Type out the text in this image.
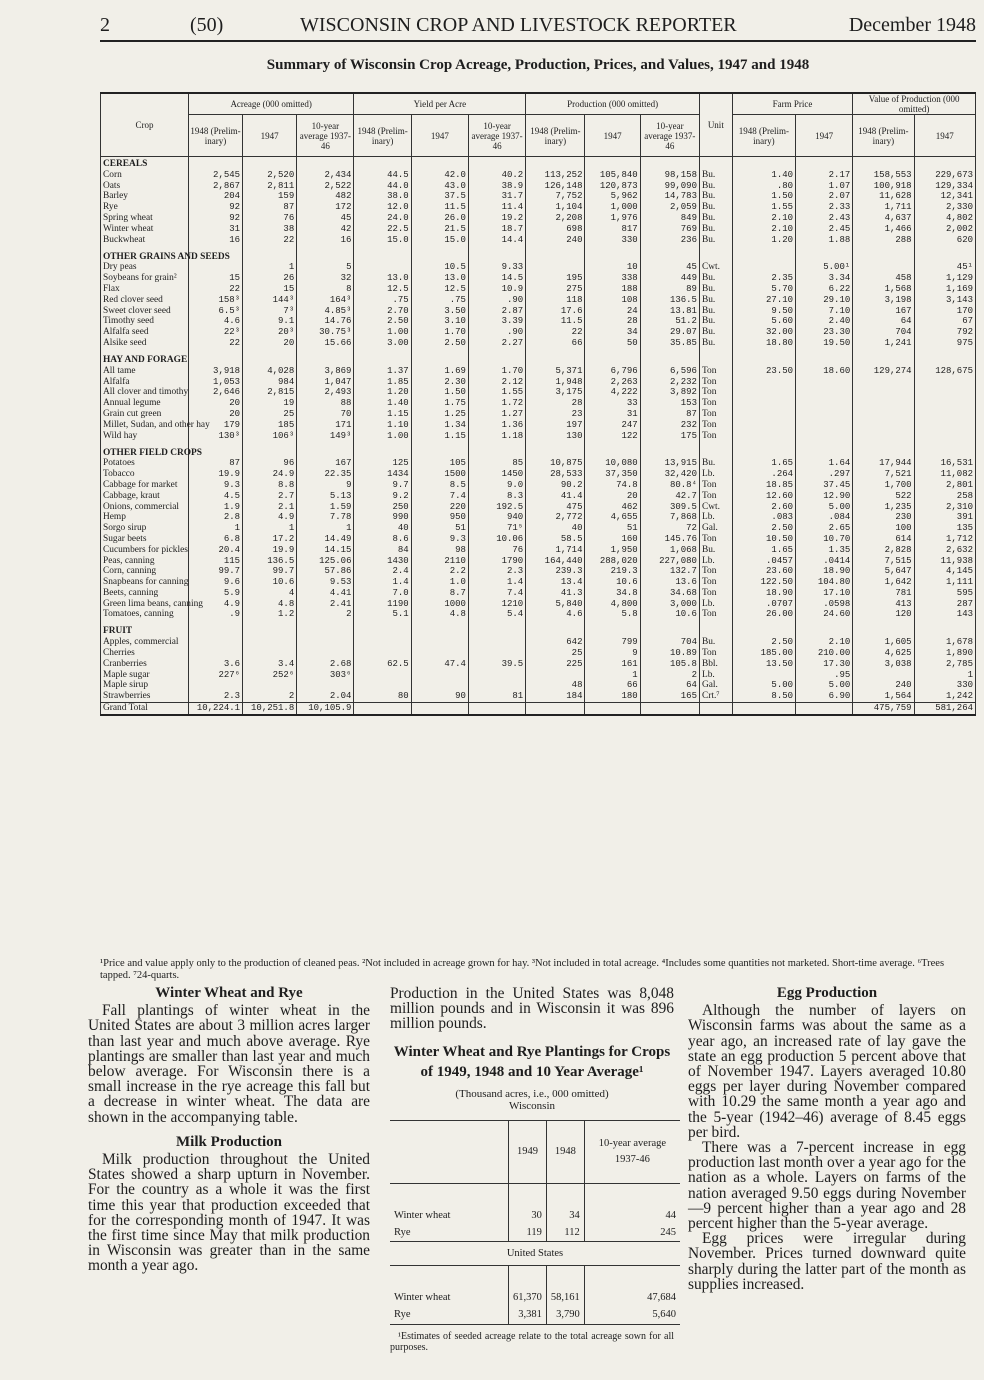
2	(50)	WISCONSIN CROP AND LIVESTOCK REPORTER	December 1948
Summary of Wisconsin Crop Acreage, Production, Prices, and Values, 1947 and 1948
Crop	Acreage (000 omitted)			Yield per Acre			Production (000 omitted)			Unit	Farm Price		Value of Production (000 omitted)	
	1948 (Prelim-inary)	1947	10-year average 1937-46	1948 (Prelim-inary)	1947	10-year average 1937-46	1948 (Prelim-inary)	1947	10-year average 1937-46		1948 (Prelim-inary)	1947	1948 (Prelim-inary)	1947
CEREALS														
Corn	2,545	2,520	2,434	44.5	42.0	40.2	113,252	105,840	98,158	Bu.	1.40	2.17	158,553	229,673
Oats	2,867	2,811	2,522	44.0	43.0	38.9	126,148	120,873	99,090	Bu.	.80	1.07	100,918	129,334
Barley	204	159	482	38.0	37.5	31.7	7,752	5,962	14,783	Bu.	1.50	2.07	11,628	12,341
Rye	92	87	172	12.0	11.5	11.4	1,104	1,000	2,059	Bu.	1.55	2.33	1,711	2,330
Spring wheat	92	76	45	24.0	26.0	19.2	2,208	1,976	849	Bu.	2.10	2.43	4,637	4,802
Winter wheat	31	38	42	22.5	21.5	18.7	698	817	769	Bu.	2.10	2.45	1,466	2,002
Buckwheat	16	22	16	15.0	15.0	14.4	240	330	236	Bu.	1.20	1.88	288	620
OTHER GRAINS AND SEEDS														
Dry peas		1	5		10.5	9.33		10	45	Cwt.		5.00¹		45¹
Soybeans for grain²	15	26	32	13.0	13.0	14.5	195	338	449	Bu.	2.35	3.34	458	1,129
Flax	22	15	8	12.5	12.5	10.9	275	188	89	Bu.	5.70	6.22	1,568	1,169
Red clover seed	158³	144³	164³	.75	.75	.90	118	108	136.5	Bu.	27.10	29.10	3,198	3,143
Sweet clover seed	6.5³	7³	4.85³	2.70	3.50	2.87	17.6	24	13.81	Bu.	9.50	7.10	167	170
Timothy seed	4.6	9.1	14.76	2.50	3.10	3.39	11.5	28	51.2	Bu.	5.60	2.40	64	67
Alfalfa seed	22³	20³	30.75³	1.00	1.70	.90	22	34	29.07	Bu.	32.00	23.30	704	792
Alsike seed	22	20	15.66	3.00	2.50	2.27	66	50	35.85	Bu.	18.80	19.50	1,241	975
HAY AND FORAGE														
All tame	3,918	4,028	3,869	1.37	1.69	1.70	5,371	6,796	6,596	Ton	23.50	18.60	129,274	128,675
Alfalfa	1,053	984	1,047	1.85	2.30	2.12	1,948	2,263	2,232	Ton				
All clover and timothy	2,646	2,815	2,493	1.20	1.50	1.55	3,175	4,222	3,892	Ton				
Annual legume	20	19	88	1.40	1.75	1.72	28	33	153	Ton				
Grain cut green	20	25	70	1.15	1.25	1.27	23	31	87	Ton				
Millet, Sudan, and other hay	179	185	171	1.10	1.34	1.36	197	247	232	Ton				
Wild hay	130³	106³	149³	1.00	1.15	1.18	130	122	175	Ton				
OTHER FIELD CROPS														
Potatoes	87	96	167	125	105	85	10,875	10,080	13,915	Bu.	1.65	1.64	17,944	16,531
Tobacco	19.9	24.9	22.35	1434	1500	1450	28,533	37,350	32,420	Lb.	.264	.297	7,521	11,082
Cabbage for market	9.3	8.8	9	9.7	8.5	9.0	90.2	74.8	80.8⁴	Ton	18.85	37.45	1,700	2,801
Cabbage, kraut	4.5	2.7	5.13	9.2	7.4	8.3	41.4	20	42.7	Ton	12.60	12.90	522	258
Onions, commercial	1.9	2.1	1.59	250	220	192.5	475	462	309.5	Cwt.	2.60	5.00	1,235	2,310
Hemp	2.8	4.9	7.78	990	950	940	2,772	4,655	7,868	Lb.	.083	.084	230	391
Sorgo sirup	1	1	1	40	51	71⁵	40	51	72	Gal.	2.50	2.65	100	135
Sugar beets	6.8	17.2	14.49	8.6	9.3	10.06	58.5	160	145.76	Ton	10.50	10.70	614	1,712
Cucumbers for pickles	20.4	19.9	14.15	84	98	76	1,714	1,950	1,068	Bu.	1.65	1.35	2,828	2,632
Peas, canning	115	136.5	125.06	1430	2110	1790	164,440	288,020	227,080	Lb.	.0457	.0414	7,515	11,938
Corn, canning	99.7	99.7	57.86	2.4	2.2	2.3	239.3	219.3	132.7	Ton	23.60	18.90	5,647	4,145
Snapbeans for canning	9.6	10.6	9.53	1.4	1.0	1.4	13.4	10.6	13.6	Ton	122.50	104.80	1,642	1,111
Beets, canning	5.9	4	4.41	7.0	8.7	7.4	41.3	34.8	34.68	Ton	18.90	17.10	781	595
Green lima beans, canning	4.9	4.8	2.41	1190	1000	1210	5,840	4,800	3,000	Lb.	.0707	.0598	413	287
Tomatoes, canning	.9	1.2	2	5.1	4.8	5.4	4.6	5.8	10.6	Ton	26.00	24.60	120	143
FRUIT														
Apples, commercial							642	799	704	Bu.	2.50	2.10	1,605	1,678
Cherries							25	9	10.89	Ton	185.00	210.00	4,625	1,890
Cranberries	3.6	3.4	2.68	62.5	47.4	39.5	225	161	105.8	Bbl.	13.50	17.30	3,038	2,785
Maple sugar	227⁶	252⁶	303⁶					1	2	Lb.		.95		1
Maple sirup							48	66	64	Gal.	5.00	5.00	240	330
Strawberries	2.3	2	2.04	80	90	81	184	180	165	Crt.⁷	8.50	6.90	1,564	1,242
Grand Total	10,224.1	10,251.8	10,105.9										475,759	581,264
¹Price and value apply only to the production of cleaned peas. ²Not included in acreage grown for hay. ³Not included in total acreage. ⁴Includes some quantities not marketed. Short-time average. ⁶Trees tapped. ⁷24-quarts.
Winter Wheat and Rye

Fall plantings of winter wheat in the United States are about 3 million acres larger than last year and much above average. Rye plantings are smaller than last year and much below average. For Wisconsin there is a small increase in the rye acreage this fall but a decrease in winter wheat. The data are shown in the accompanying table.

Milk Production

Milk production throughout the United States showed a sharp upturn in November. For the country as a whole it was the first time this year that production exceeded that for the corresponding month of 1947. It was the first time since May that milk production in Wisconsin was greater than in the same month a year ago.

Production in the United States was 8,048 million pounds and in Wisconsin it was 896 million pounds.

Winter Wheat and Rye Plantings for Crops of 1949, 1948 and 10 Year Average¹
(Thousand acres, i.e., 000 omitted)
Wisconsin
	1949	1948	10-year average 1937-46
Winter wheat	30	34	44
Rye	119	112	245
United States			
Winter wheat	61,370	58,161	47,684
Rye	3,381	3,790	5,640
¹Estimates of seeded acreage relate to the total acreage sown for all purposes.
Egg Production

Although the number of layers on Wisconsin farms was about the same as a year ago, an increased rate of lay gave the state an egg production 5 percent above that of November 1947. Layers averaged 10.80 eggs per layer during November compared with 10.29 the same month a year ago and the 5-year (1942–46) average of 8.45 eggs per bird.

There was a 7-percent increase in egg production last month over a year ago for the nation as a whole. Layers on farms of the nation averaged 9.50 eggs during November—9 percent higher than a year ago and 28 percent higher than the 5-year average.

Egg prices were irregular during November. Prices turned downward quite sharply during the latter part of the month as supplies increased.
